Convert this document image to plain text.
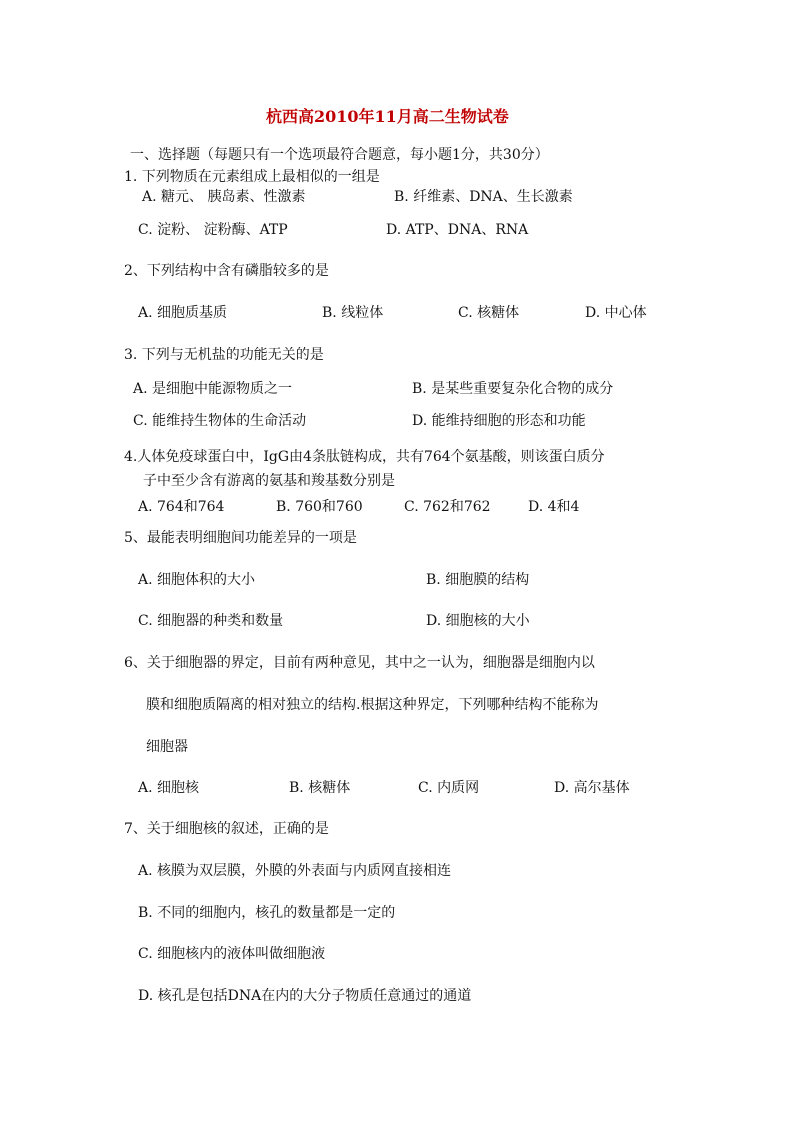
杭西高2010年11月高二生物试卷
一、选择题（每题只有一个选项最符合题意，每小题1分，共30分）
1. 下列物质在元素组成上最相似的一组是
A. 糖元、 胰岛素、性激素	B. 纤维素、DNA、生长激素
C. 淀粉、 淀粉酶、ATP	D. ATP、DNA、RNA
2、下列结构中含有磷脂较多的是
A. 细胞质基质	B. 线粒体	C. 核糖体	D. 中心体
3. 下列与无机盐的功能无关的是
A. 是细胞中能源物质之一	B. 是某些重要复杂化合物的成分
C. 能维持生物体的生命活动	D. 能维持细胞的形态和功能
4.人体免疫球蛋白中，IgG由4条肽链构成，共有764个氨基酸，则该蛋白质分
子中至少含有游离的氨基和羧基数分别是
A. 764和764	B. 760和760	C. 762和762	D. 4和4
5、最能表明细胞间功能差异的一项是
A. 细胞体积的大小	B. 细胞膜的结构
C. 细胞器的种类和数量	D. 细胞核的大小
6、关于细胞器的界定，目前有两种意见，其中之一认为，细胞器是细胞内以
膜和细胞质隔离的相对独立的结构.根据这种界定，下列哪种结构不能称为
细胞器
A. 细胞核	B. 核糖体	C. 内质网	D. 高尔基体
7、关于细胞核的叙述，正确的是
A. 核膜为双层膜，外膜的外表面与内质网直接相连
B. 不同的细胞内，核孔的数量都是一定的
C. 细胞核内的液体叫做细胞液
D. 核孔是包括DNA在内的大分子物质任意通过的通道
